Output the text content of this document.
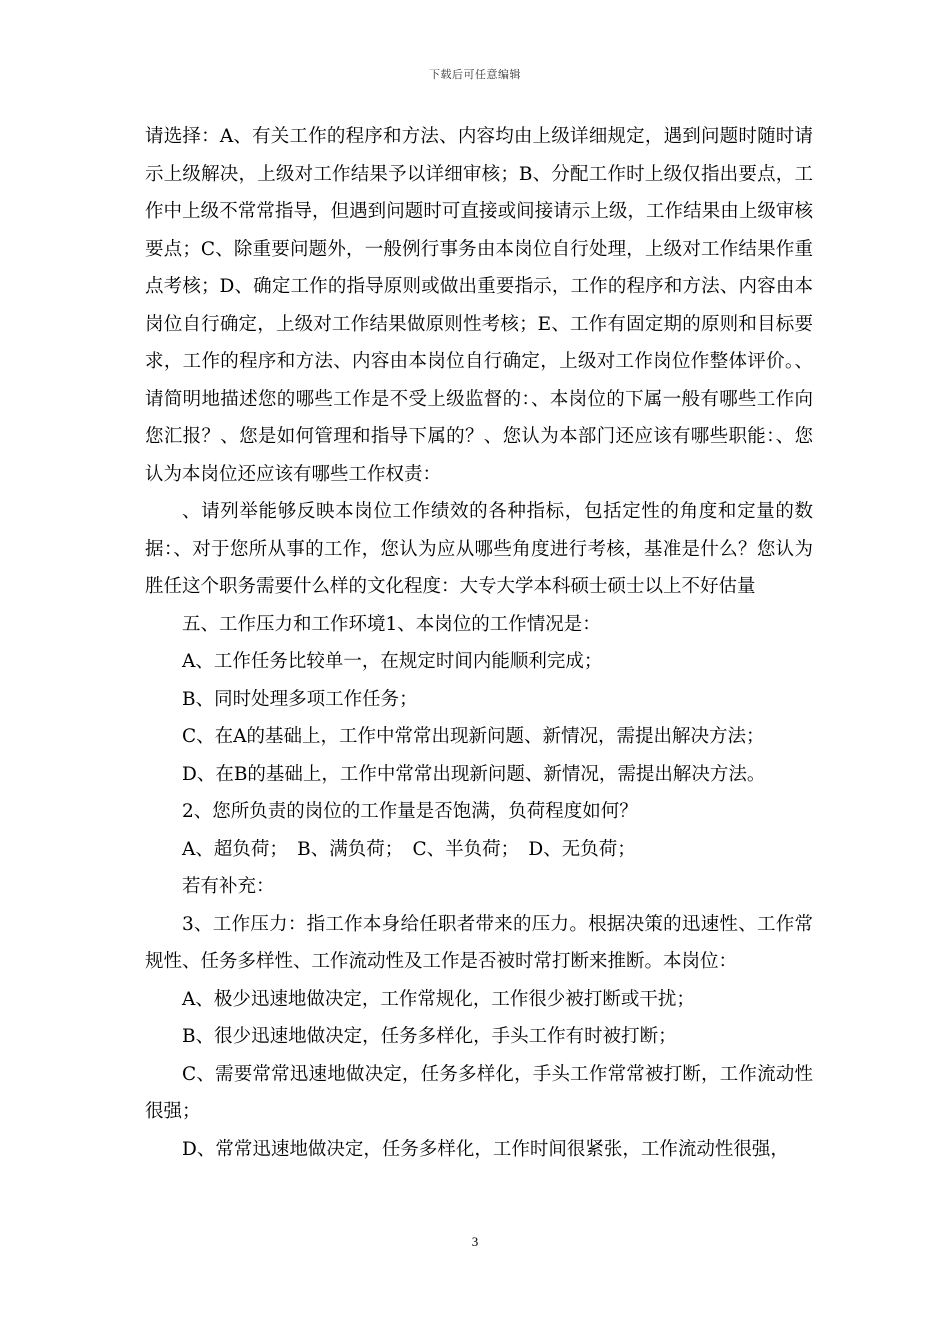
下载后可任意编辑

请选择：A、有关工作的程序和方法、内容均由上级详细规定，遇到问题时随时请示上级解决，上级对工作结果予以详细审核；B、分配工作时上级仅指出要点，工作中上级不常常指导，但遇到问题时可直接或间接请示上级，工作结果由上级审核要点；C、除重要问题外，一般例行事务由本岗位自行处理，上级对工作结果作重点考核；D、确定工作的指导原则或做出重要指示，工作的程序和方法、内容由本岗位自行确定，上级对工作结果做原则性考核；E、工作有固定期的原则和目标要求，工作的程序和方法、内容由本岗位自行确定，上级对工作岗位作整体评价。、请简明地描述您的哪些工作是不受上级监督的：、本岗位的下属一般有哪些工作向您汇报？、您是如何管理和指导下属的？、您认为本部门还应该有哪些职能：、您认为本岗位还应该有哪些工作权责：

、请列举能够反映本岗位工作绩效的各种指标，包括定性的角度和定量的数据：、对于您所从事的工作，您认为应从哪些角度进行考核，基准是什么？您认为胜任这个职务需要什么样的文化程度：大专大学本科硕士硕士以上不好估量

五、工作压力和工作环境1、本岗位的工作情况是：

A、工作任务比较单一，在规定时间内能顺利完成；

B、同时处理多项工作任务；

C、在A的基础上，工作中常常出现新问题、新情况，需提出解决方法；

D、在B的基础上，工作中常常出现新问题、新情况，需提出解决方法。

2、您所负责的岗位的工作量是否饱满，负荷程度如何？

A、超负荷；　B、满负荷；　C、半负荷；　D、无负荷；

若有补充：

3、工作压力：指工作本身给任职者带来的压力。根据决策的迅速性、工作常规性、任务多样性、工作流动性及工作是否被时常打断来推断。本岗位：

A、极少迅速地做决定，工作常规化，工作很少被打断或干扰；

B、很少迅速地做决定，任务多样化，手头工作有时被打断；

C、需要常常迅速地做决定，任务多样化，手头工作常常被打断，工作流动性很强；

D、常常迅速地做决定，任务多样化，工作时间很紧张，工作流动性很强，

3
